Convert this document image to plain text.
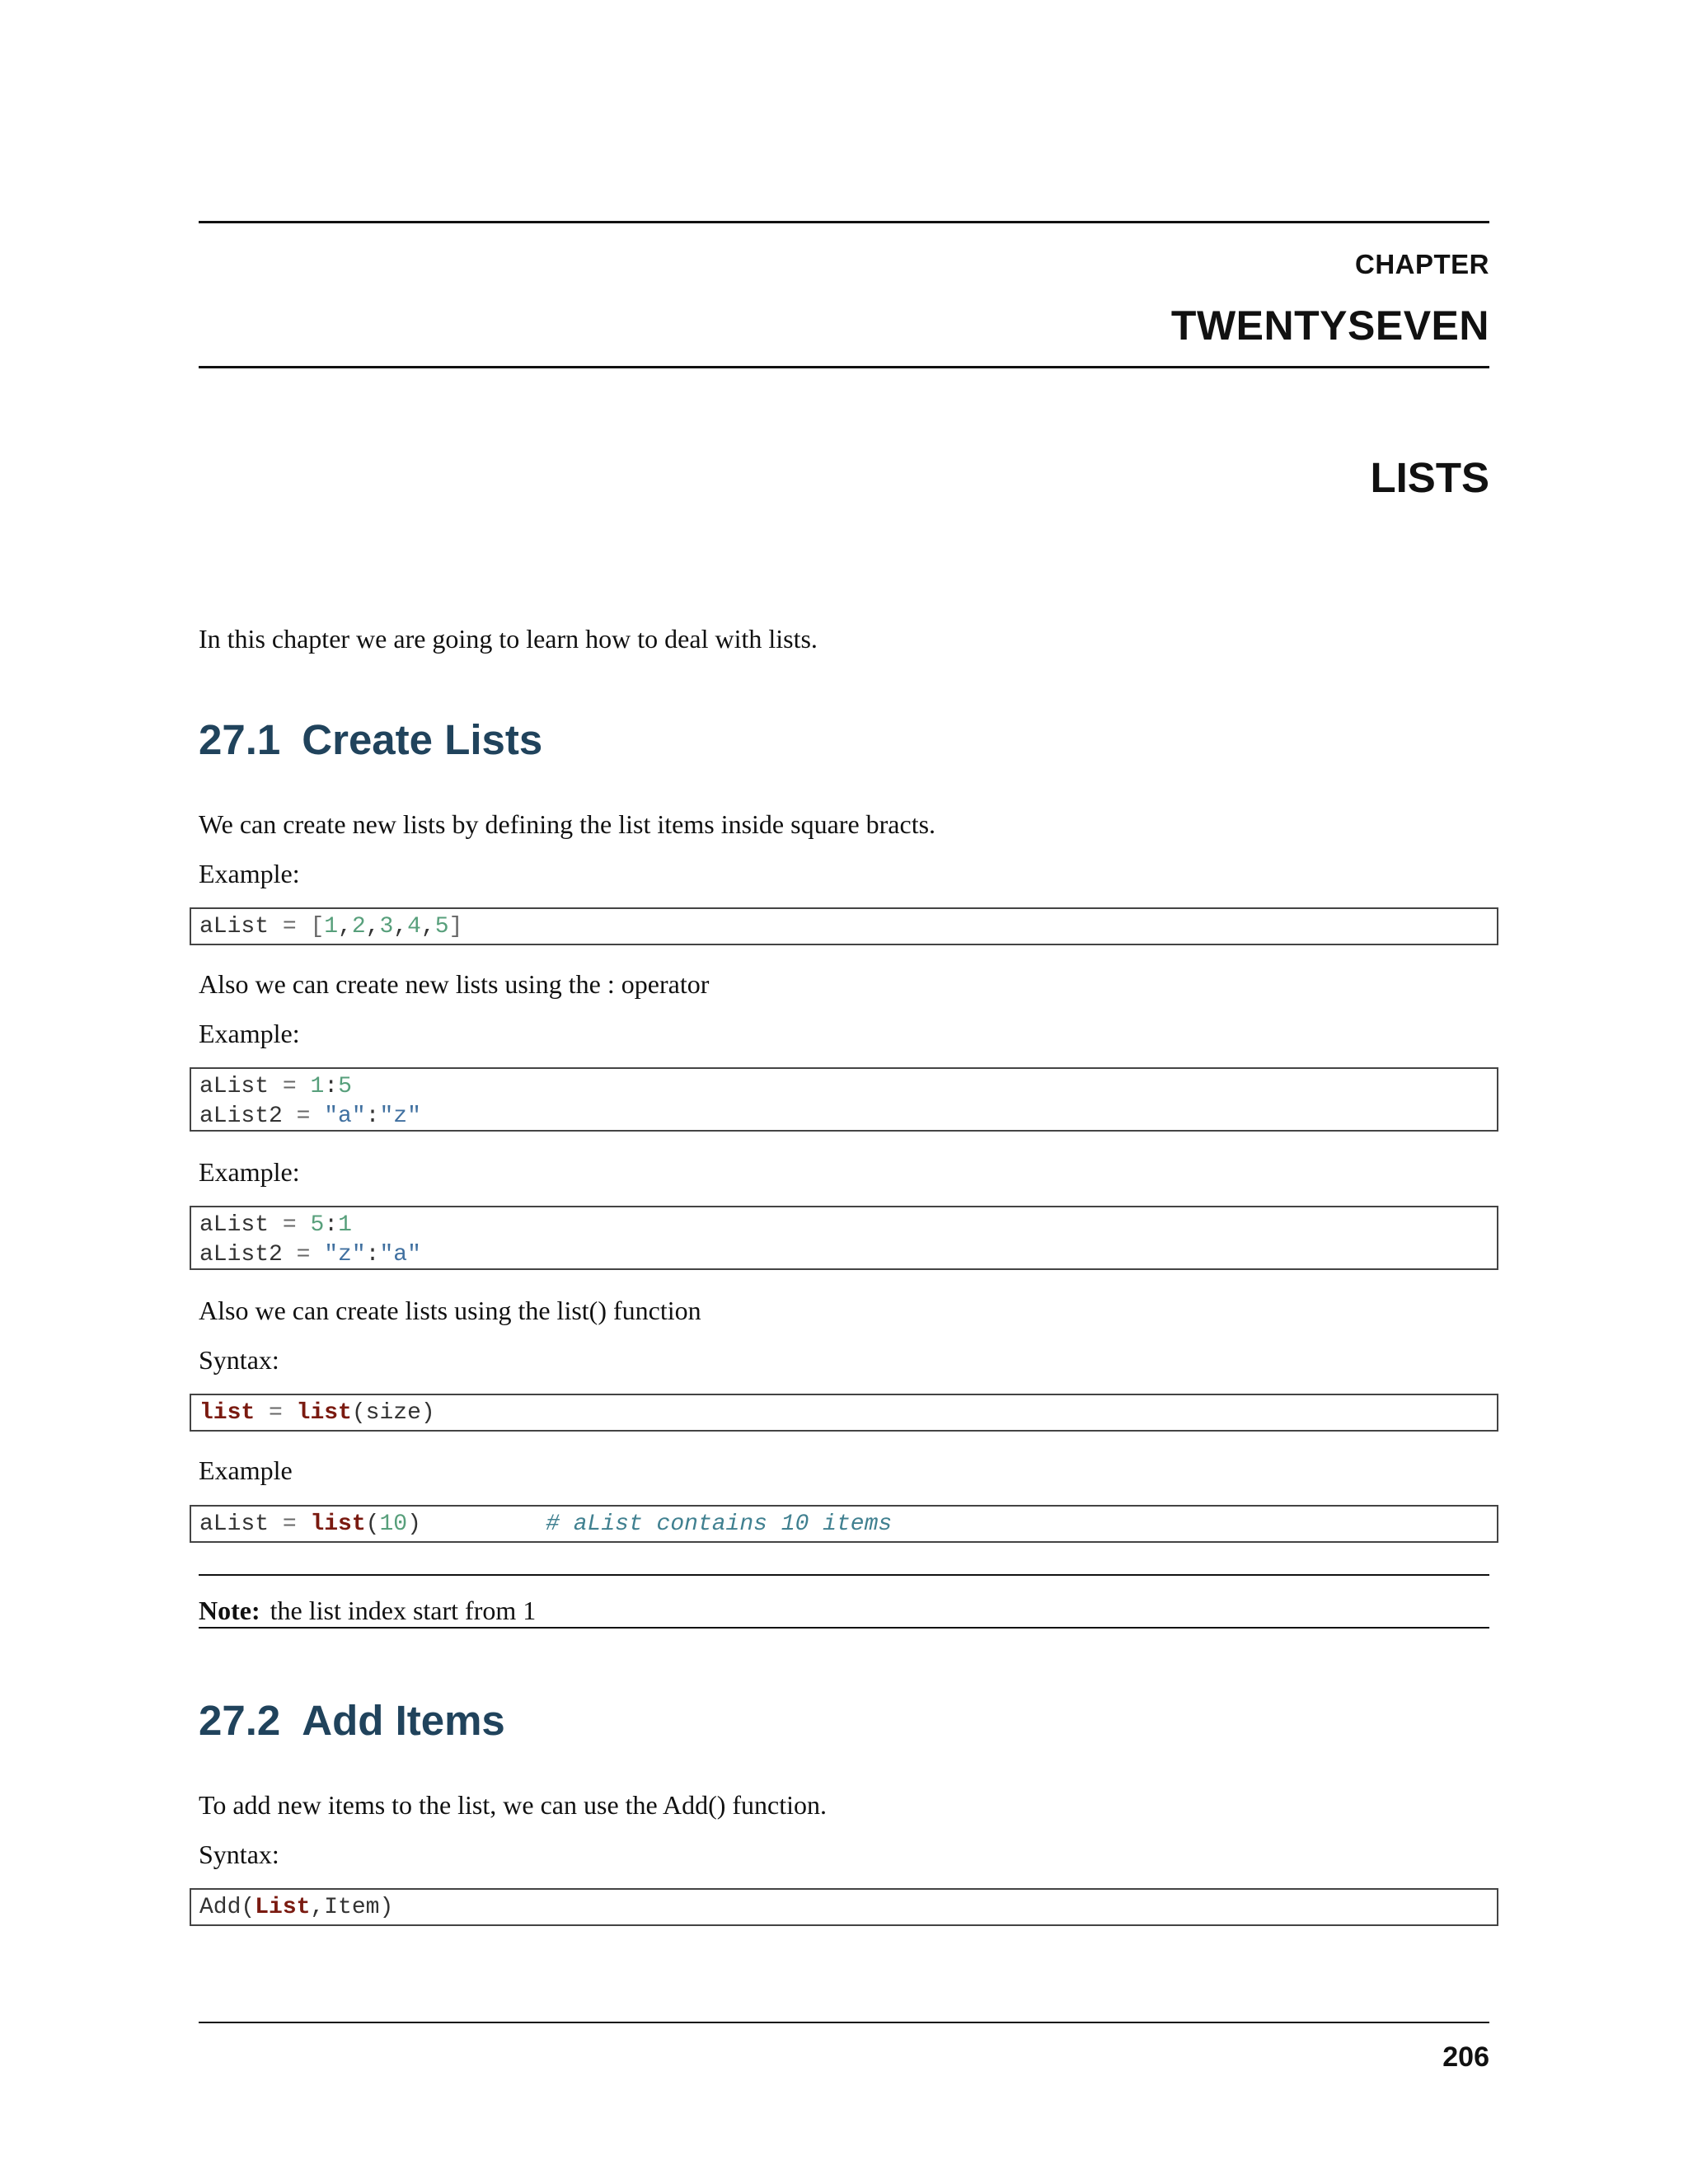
CHAPTER
TWENTYSEVEN
LISTS
In this chapter we are going to learn how to deal with lists.
27.1 Create Lists
We can create new lists by defining the list items inside square bracts.
Example:
aList = [1,2,3,4,5]
Also we can create new lists using the : operator
Example:
aList = 1:5
aList2 = "a":"z"
Example:
aList = 5:1
aList2 = "z":"a"
Also we can create lists using the list() function
Syntax:
list = list(size)
Example
aList = list(10)	# aList contains 10 items
Note: the list index start from 1
27.2 Add Items
To add new items to the list, we can use the Add() function.
Syntax:
Add(List,Item)
206
